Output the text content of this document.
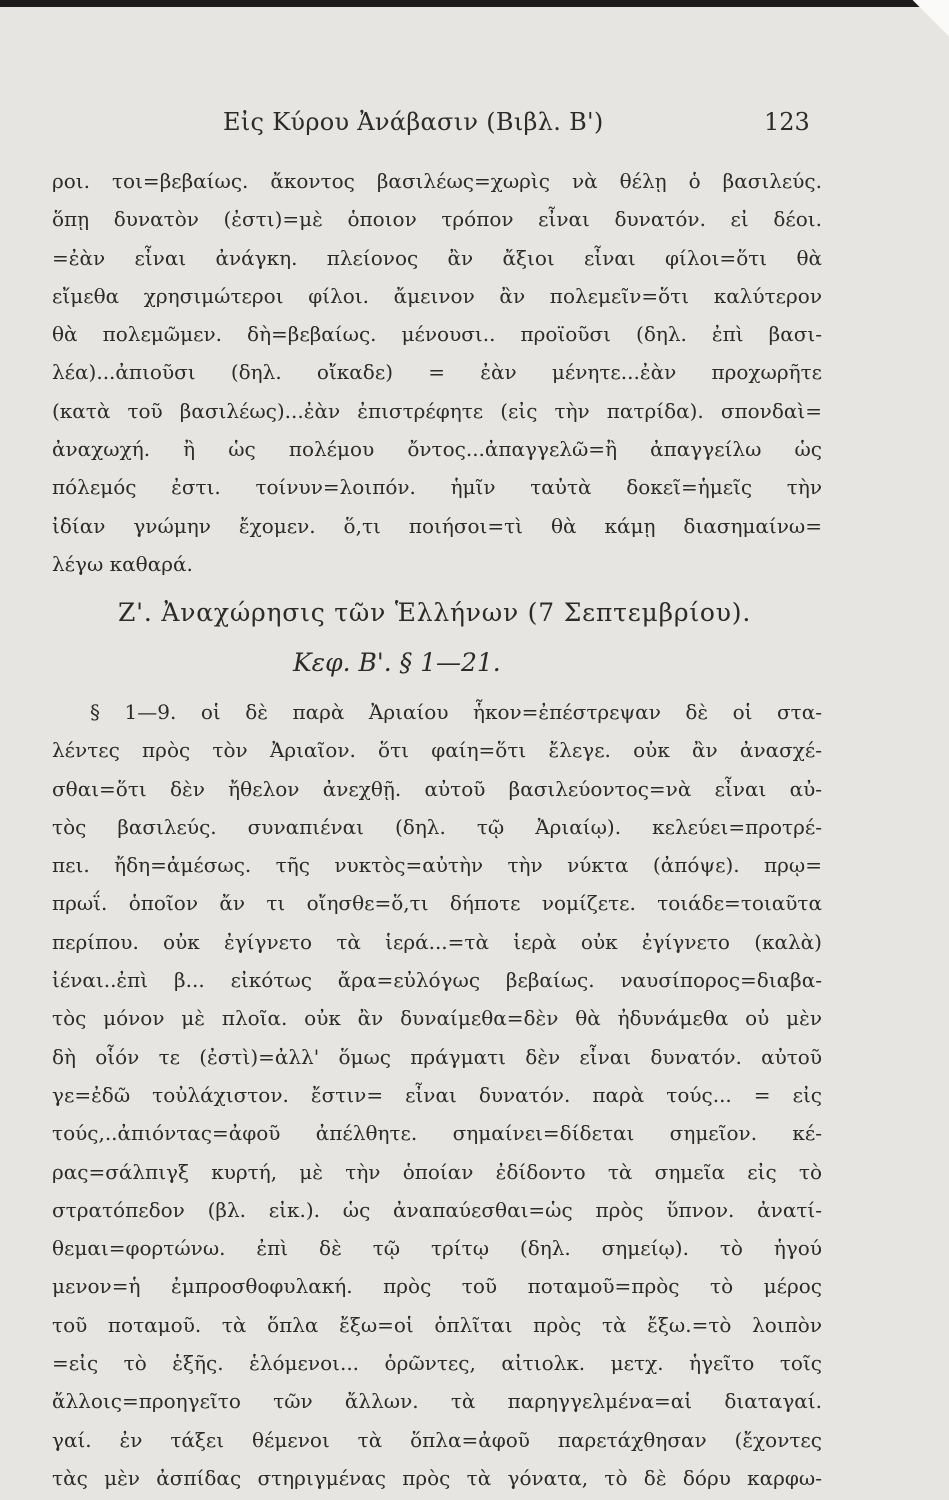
Εἰς Κύρου Ἀνάβασιν (Βιβλ. Β')	123
ροι. τοι=βεβαίως. ἄκοντος βασιλέως=χωρὶς νὰ θέλῃ ὁ βασιλεύς.
ὅπῃ δυνατὸν (ἐστι)=μὲ ὁποιον τρόπον εἶναι δυνατόν. εἰ δέοι.
=ἐὰν εἶναι ἀνάγκη. πλείονος ἂν ἄξιοι εἶναι φίλοι=ὅτι θὰ
εἴμεθα χρησιμώτεροι φίλοι. ἄμεινον ἂν πολεμεῖν=ὅτι καλύτερον
θὰ πολεμῶμεν. δὴ=βεβαίως. μένουσι.. προϊοῦσι (δηλ. ἐπὶ βασι-
λέα)...ἀπιοῦσι (δηλ. οἴκαδε) = ἐὰν μένητε...ἐὰν προχωρῆτε
(κατὰ τοῦ βασιλέως)...ἐὰν ἐπιστρέφητε (εἰς τὴν πατρίδα). σπονδαὶ=
ἀναχωχή. ἢ ὡς πολέμου ὄντος...ἀπαγγελῶ=ἢ ἀπαγγείλω ὡς
πόλεμός ἐστι. τοίνυν=λοιπόν. ἡμῖν ταὐτὰ δοκεῖ=ἡμεῖς τὴν
ἰδίαν γνώμην ἔχομεν. ὅ,τι ποιήσοι=τὶ θὰ κάμῃ διασημαίνω=
λέγω καθαρά.
Ζ'. Ἀναχώρησις τῶν Ἑλλήνων (7 Σεπτεμβρίου).
Κεφ. Β'. § 1—21.
§ 1—9. οἱ δὲ παρὰ Ἀριαίου ἧκον=ἐπέστρεψαν δὲ οἱ στα-
λέντες πρὸς τὸν Ἀριαῖον. ὅτι φαίη=ὅτι ἔλεγε. οὐκ ἂν ἀνασχέ-
σθαι=ὅτι δὲν ἤθελον ἀνεχθῇ. αὐτοῦ βασιλεύοντος=νὰ εἶναι αὐ-
τὸς βασιλεύς. συναπιέναι (δηλ. τῷ Ἀριαίῳ). κελεύει=προτρέ-
πει. ἤδη=ἀμέσως. τῆς νυκτὸς=αὐτὴν τὴν νύκτα (ἀπόψε). πρῳ=
πρωΐ. ὁποῖον ἄν τι οἴησθε=ὅ,τι δήποτε νομίζετε. τοιάδε=τοιαῦτα
περίπου. οὐκ ἐγίγνετο τὰ ἱερά...=τὰ ἱερὰ οὐκ ἐγίγνετο (καλὰ)
ἰέναι..ἐπὶ β... εἰκότως ἄρα=εὐλόγως βεβαίως. ναυσίπορος=διαβα-
τὸς μόνον μὲ πλοῖα. οὐκ ἂν δυναίμεθα=δὲν θὰ ἠδυνάμεθα οὐ μὲν
δὴ οἷόν τε (ἐστὶ)=ἀλλ' ὅμως πράγματι δὲν εἶναι δυνατόν. αὐτοῦ
γε=ἐδῶ τοὐλάχιστον. ἔστιν= εἶναι δυνατόν. παρὰ τούς... = εἰς
τούς,..ἀπιόντας=ἀφοῦ ἀπέλθητε. σημαίνει=δίδεται σημεῖον. κέ-
ρας=σάλπιγξ κυρτή, μὲ τὴν ὁποίαν ἐδίδοντο τὰ σημεῖα εἰς τὸ
στρατόπεδον (βλ. εἰκ.). ὡς ἀναπαύεσθαι=ὡς πρὸς ὕπνον. ἀνατί-
θεμαι=φορτώνω. ἐπὶ δὲ τῷ τρίτῳ (δηλ. σημείῳ). τὸ ἡγού
μενον=ἡ ἐμπροσθοφυλακή. πρὸς τοῦ ποταμοῦ=πρὸς τὸ μέρος
τοῦ ποταμοῦ. τὰ ὅπλα ἔξω=οἱ ὁπλῖται πρὸς τὰ ἔξω.=τὸ λοιπὸν
=εἰς τὸ ἑξῆς. ἑλόμενοι... ὁρῶντες, αἰτιολκ. μετχ. ἡγεῖτο τοῖς
ἄλλοις=προηγεῖτο τῶν ἄλλων. τὰ παρηγγελμένα=αἱ διαταγαί.
γαί. ἐν τάξει θέμενοι τὰ ὅπλα=ἀφοῦ παρετάχθησαν (ἔχοντες
τὰς μὲν ἀσπίδας στηριγμένας πρὸς τὰ γόνατα, τὸ δὲ δόρυ καρφω-
